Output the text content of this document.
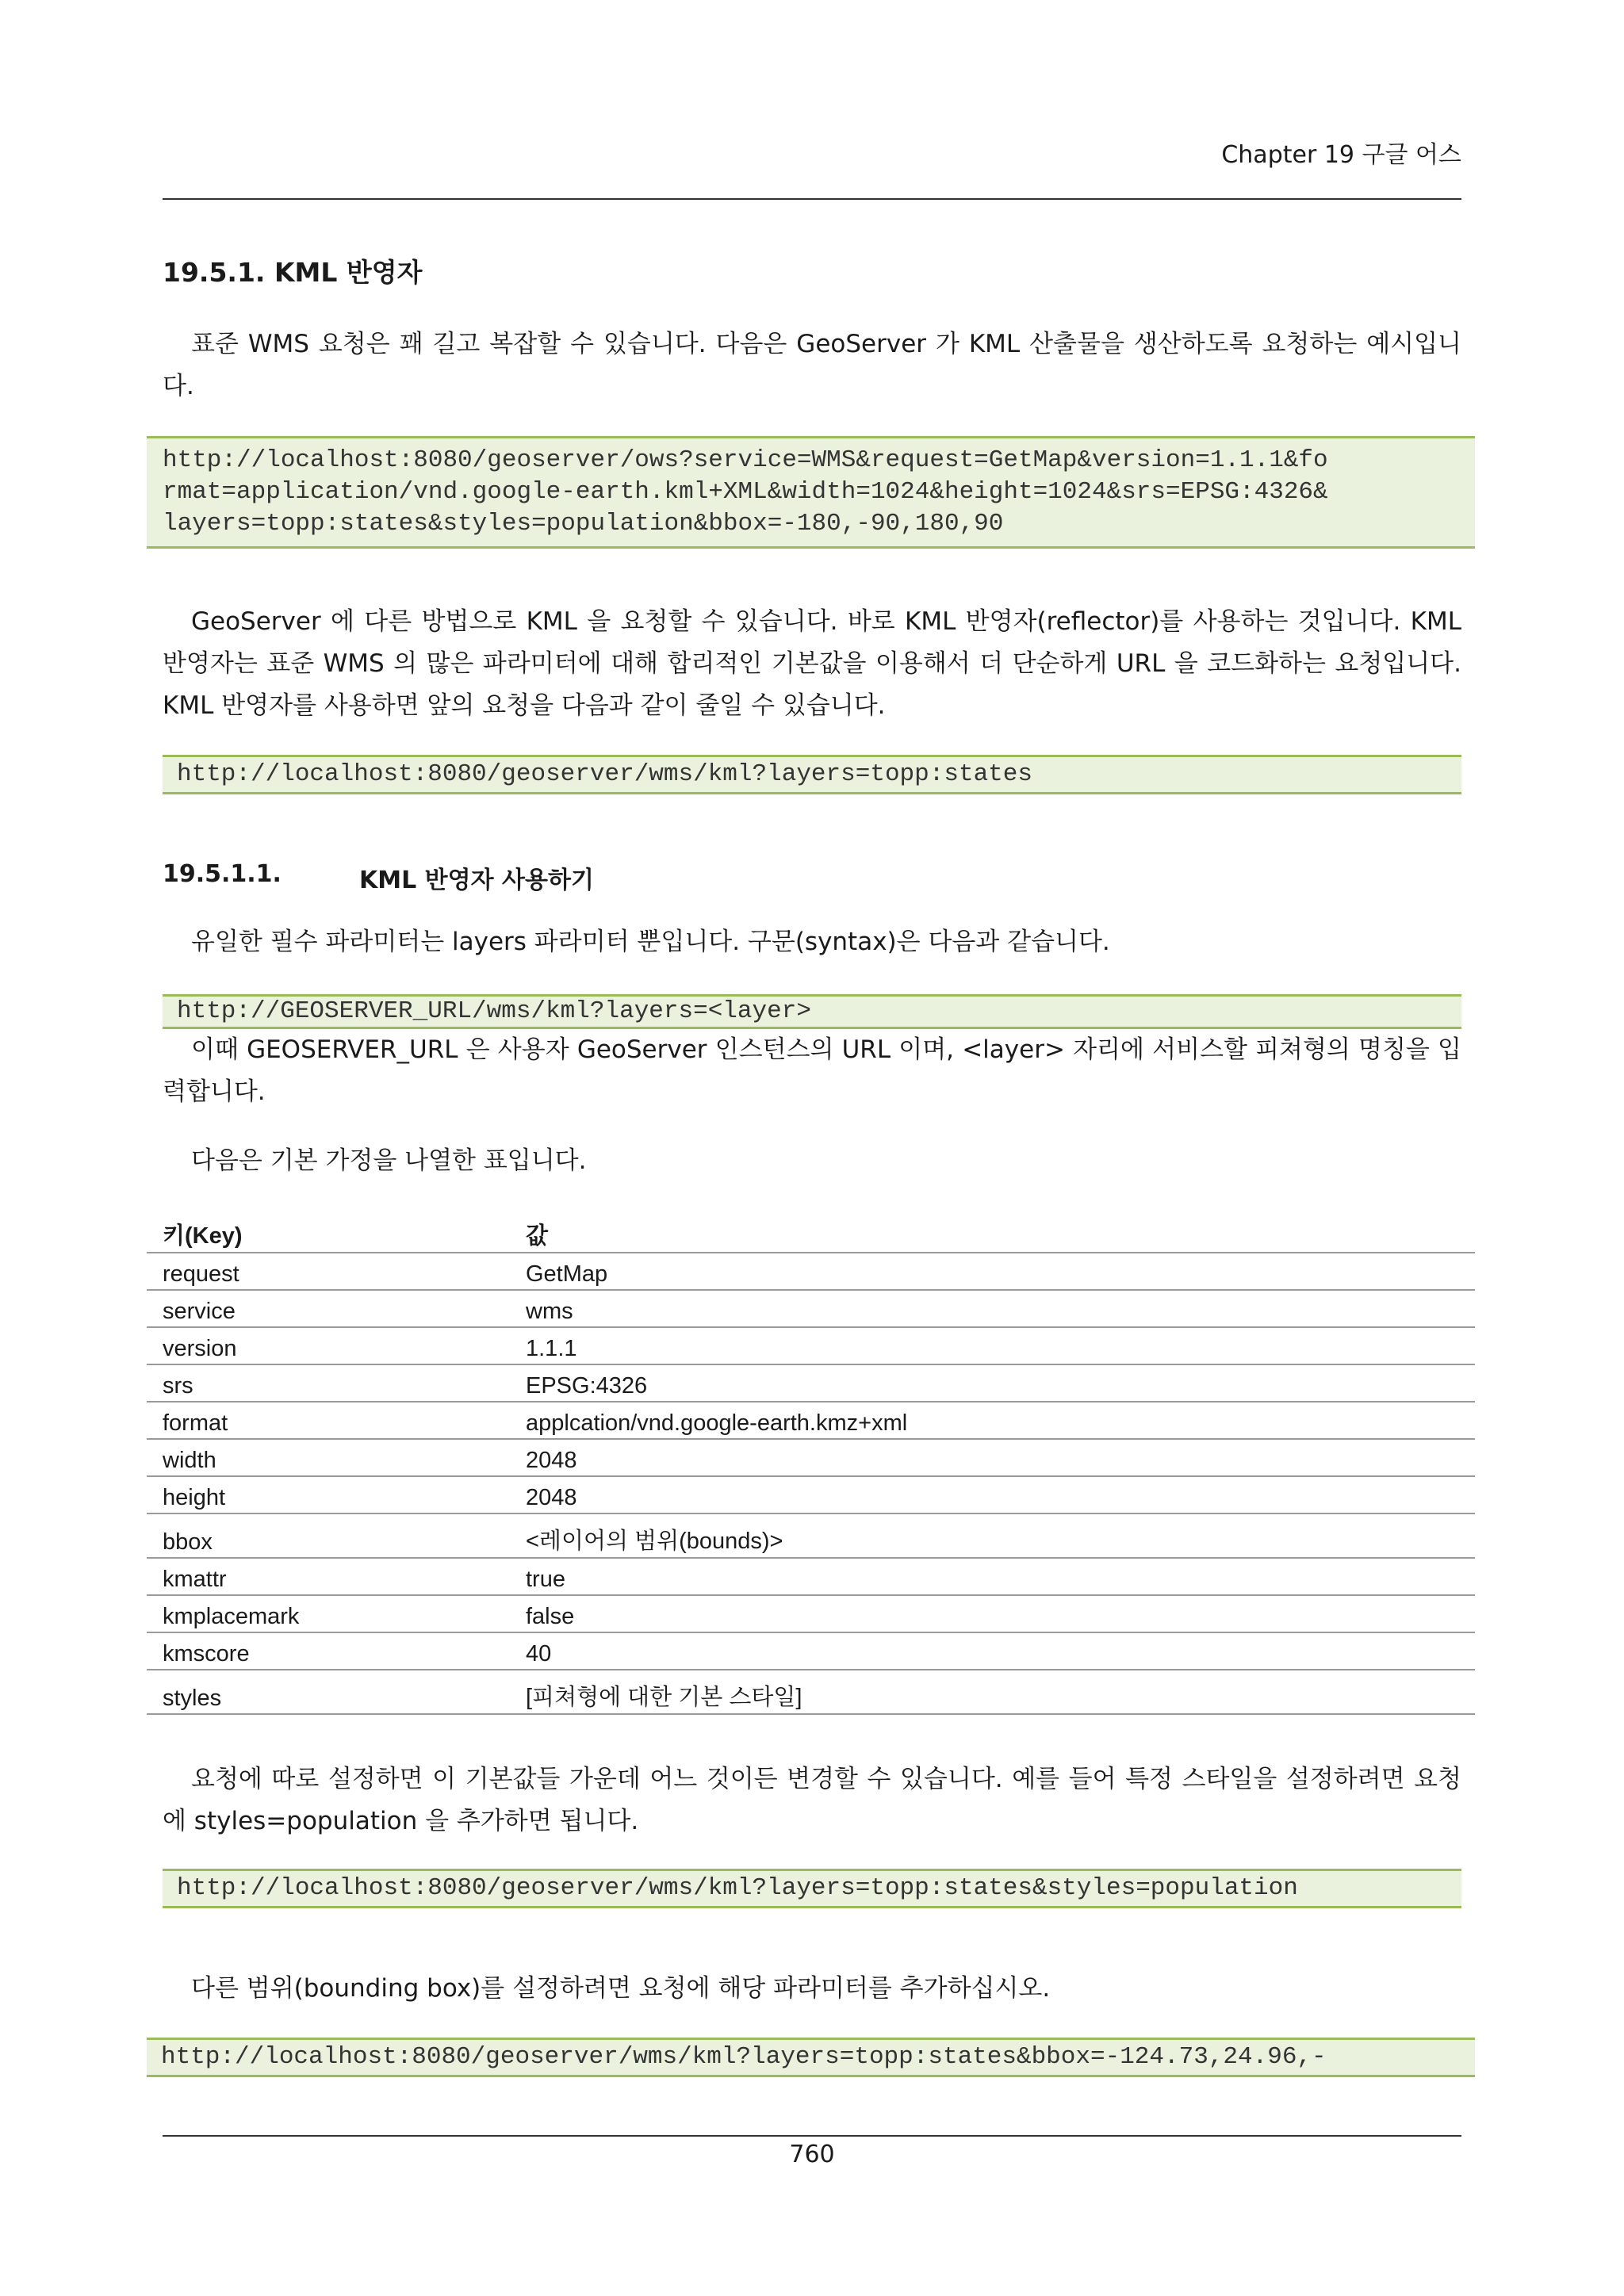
Chapter 19 구글 어스
19.5.1. KML 반영자
표준 WMS 요청은 꽤 길고 복잡할 수 있습니다. 다음은 GeoServer 가 KML 산출물을 생산하도록 요청하는 예시입니다.
http://localhost:8080/geoserver/ows?service=WMS&request=GetMap&version=1.1.1&fo
rmat=application/vnd.google-earth.kml+XML&width=1024&height=1024&srs=EPSG:4326&
layers=topp:states&styles=population&bbox=-180,-90,180,90
GeoServer 에 다른 방법으로 KML 을 요청할 수 있습니다. 바로 KML 반영자(reflector)를 사용하는 것입니다. KML 반영자는 표준 WMS 의 많은 파라미터에 대해 합리적인 기본값을 이용해서 더 단순하게 URL 을 코드화하는 요청입니다. KML 반영자를 사용하면 앞의 요청을 다음과 같이 줄일 수 있습니다.
http://localhost:8080/geoserver/wms/kml?layers=topp:states
19.5.1.1.	KML 반영자 사용하기
유일한 필수 파라미터는 layers 파라미터 뿐입니다. 구문(syntax)은 다음과 같습니다.
http://GEOSERVER_URL/wms/kml?layers=<layer>
이때 GEOSERVER_URL 은 사용자 GeoServer 인스턴스의 URL 이며, <layer> 자리에 서비스할 피쳐형의 명칭을 입력합니다.
다음은 기본 가정을 나열한 표입니다.
키(Key)	값
request	GetMap
service	wms
version	1.1.1
srs	EPSG:4326
format	applcation/vnd.google-earth.kmz+xml
width	2048
height	2048
bbox	<레이어의 범위(bounds)>
kmattr	true
kmplacemark	false
kmscore	40
styles	[피쳐형에 대한 기본 스타일]
요청에 따로 설정하면 이 기본값들 가운데 어느 것이든 변경할 수 있습니다. 예를 들어 특정 스타일을 설정하려면 요청에 styles=population 을 추가하면 됩니다.
http://localhost:8080/geoserver/wms/kml?layers=topp:states&styles=population
다른 범위(bounding box)를 설정하려면 요청에 해당 파라미터를 추가하십시오.
http://localhost:8080/geoserver/wms/kml?layers=topp:states&bbox=-124.73,24.96,-
760
